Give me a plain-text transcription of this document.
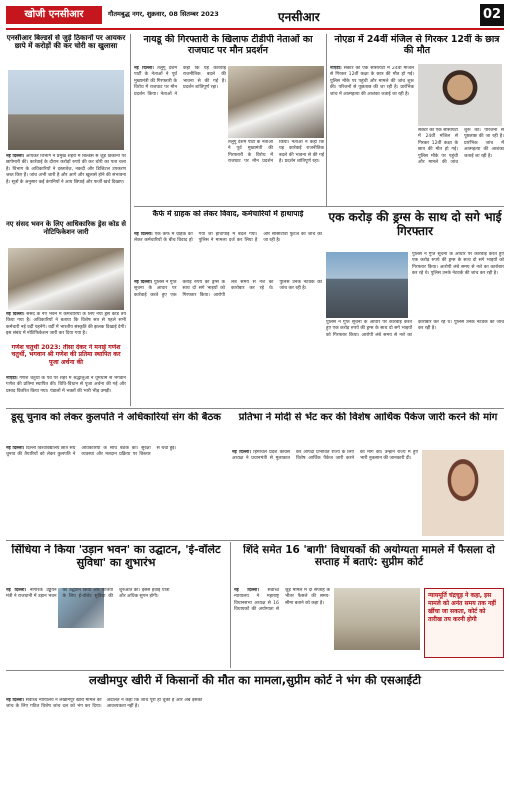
खोजी एनसीआर	गौतमबुद्ध नगर, शुक्रवार, 08 सितम्बर 2023	एनसीआर	02
एनसीआर बिल्डर्स से जुड़े ठिकानों पर आयकर छापे में करोड़ों की कर चोरी का खुलासा
नई दिल्ली। आयकर विभाग ने प्रमुख शहरों में बिल्डर्स से जुड़े ठिकानों पर छापेमारी की। कार्रवाई के दौरान करोड़ों रुपये की कर चोरी का पता चला है। विभाग के अधिकारियों ने दस्तावेज़, नकदी और डिजिटल उपकरण जब्त किए हैं। जांच अभी जारी है और आगे और खुलासे होने की संभावना है। सूत्रों के अनुसार कई कंपनियों ने आय छिपाई और फर्जी खर्च दिखाए।
नए संसद भवन के लिए आधिकारिक ड्रेस कोड से नोटिफिकेशन जारी
नई दिल्ली। संसद के नए भवन में कर्मचारियों के लिए नया ड्रेस कोड तय किया गया है। अधिकारियों ने बताया कि विशेष सत्र से पहले सभी कर्मचारी नई वर्दी पहनेंगे। वर्दी में भारतीय संस्कृति की झलक दिखाई देगी। इस संबंध में नोटिफिकेशन जारी कर दिया गया है।
गणेश चतुर्थी 2023: तीसा देकर ने मनाई गणेश चतुर्थी, भगवान श्री गणेश की प्रतिमा स्थापित कर पूजा अर्चना की
नोएडा। गणेश चतुर्थी के पर्व पर शहर में श्रद्धालुओं ने धूमधाम से भगवान गणेश की प्रतिमा स्थापित की। विधि-विधान से पूजा अर्चना की गई और प्रसाद वितरित किया गया। पंडालों में भक्तों की भारी भीड़ उमड़ी।
नायडू की गिरफ्तारी के खिलाफ टीडीपी नेताओं का राजघाट पर मौन प्रदर्शन
नई दिल्ली। तेलुगु देशम पार्टी के नेताओं ने पूर्व मुख्यमंत्री की गिरफ्तारी के विरोध में राजघाट पर मौन प्रदर्शन किया। नेताओं ने कहा कि यह कार्रवाई राजनीतिक बदले की भावना से की गई है। प्रदर्शन शांतिपूर्ण रहा।
तेलुगु देशम पार्टी के नेताओं ने पूर्व मुख्यमंत्री की गिरफ्तारी के विरोध में राजघाट पर मौन प्रदर्शन किया। नेताओं ने कहा कि यह कार्रवाई राजनीतिक बदले की भावना से की गई है। प्रदर्शन शांतिपूर्ण रहा।
नोएडा में 24वीं मंजिल से गिरकर 12वीं के छात्र की मौत
नोएडा। सेक्टर की एक सोसायटी में 24वीं मंजिल से गिरकर 12वीं कक्षा के छात्र की मौत हो गई। पुलिस मौके पर पहुंची और मामले की जांच शुरू की। परिजनों से पूछताछ की जा रही है। प्रारंभिक जांच में आत्महत्या की आशंका जताई जा रही है।
सेक्टर की एक सोसायटी में 24वीं मंजिल से गिरकर 12वीं कक्षा के छात्र की मौत हो गई। पुलिस मौके पर पहुंची और मामले की जांच शुरू की। परिजनों से पूछताछ की जा रही है। प्रारंभिक जांच में आत्महत्या की आशंका जताई जा रही है।
कैफे में ग्राहक को लेकर विवाद, कर्मचारियों में हाथापाई
नई दिल्ली। एक कैफे में ग्राहक को लेकर कर्मचारियों के बीच विवाद हो गया जो हाथापाई में बदल गया। पुलिस ने मामला दर्ज कर लिया है और सीसीटीवी फुटेज की जांच की जा रही है।
एक करोड़ की ड्रग्स के साथ दो सगे भाई गिरफ्तार
नई दिल्ली। पुलिस ने गुप्त सूचना के आधार पर कार्रवाई करते हुए एक करोड़ रुपये की ड्रग्स के साथ दो सगे भाइयों को गिरफ्तार किया। आरोपी लंबे समय से नशे का कारोबार कर रहे थे। पुलिस उनके नेटवर्क की जांच कर रही है।
पुलिस ने गुप्त सूचना के आधार पर कार्रवाई करते हुए एक करोड़ रुपये की ड्रग्स के साथ दो सगे भाइयों को गिरफ्तार किया। आरोपी लंबे समय से नशे का कारोबार कर रहे थे। पुलिस उनके नेटवर्क की जांच कर रही है।
पुलिस ने गुप्त सूचना के आधार पर कार्रवाई करते हुए एक करोड़ रुपये की ड्रग्स के साथ दो सगे भाइयों को गिरफ्तार किया। आरोपी लंबे समय से नशे का कारोबार कर रहे थे। पुलिस उनके नेटवर्क की जांच कर रही है।
डूसू चुनाव को लेकर कुलपति ने अधिकारियों संग की बैठक
नई दिल्ली। दिल्ली विश्वविद्यालय छात्र संघ चुनाव की तैयारियों को लेकर कुलपति ने अधिकारियों के साथ बैठक की। सुरक्षा व्यवस्था और मतदान प्रक्रिया पर विस्तार से चर्चा हुई।
प्रतिभा ने मोदी से भेंट कर की विशेष आर्थिक पैकेज जारी करने की मांग
नई दिल्ली। हिमाचल प्रदेश कांग्रेस अध्यक्ष ने प्रधानमंत्री से मुलाकात कर आपदा प्रभावित राज्य के लिए विशेष आर्थिक पैकेज जारी करने की मांग की। उन्होंने राज्य में हुए भारी नुकसान की जानकारी दी।
सिंधिया ने किया 'उड़ान भवन' का उद्घाटन, 'ई-वॉलेट सुविधा' का शुभारंभ
नई दिल्ली। नागरिक उड्डयन मंत्री ने राजधानी में उड़ान भवन का उद्घाटन किया और यात्रियों के लिए ई-वॉलेट सुविधा की शुरुआत की। इससे हवाई यात्रा और अधिक सुगम होगी।
शिंदे समेत 16 'बागी' विधायकों की अयोग्यता मामले में फैसला दो सप्ताह में बताएं: सुप्रीम कोर्ट
नई दिल्ली। सर्वोच्च न्यायालय ने महाराष्ट्र विधानसभा अध्यक्ष से 16 विधायकों की अयोग्यता से जुड़े मामले में दो सप्ताह के भीतर फैसले की समय-सीमा बताने को कहा है।
न्यायमूर्ति चंद्रचूड़ ने कहा, इस मामले को अनंत समय तक नहीं खींचा जा सकता, कोर्ट को तारीख तय करनी होगी
लखीमपुर खीरी में किसानों की मौत का मामला,सुप्रीम कोर्ट ने भंग की एसआईटी
नई दिल्ली। सर्वोच्च न्यायालय ने लखीमपुर खीरी मामले की जांच के लिए गठित विशेष जांच दल को भंग कर दिया। अदालत ने कहा कि जांच पूरी हो चुकी है और अब इसकी आवश्यकता नहीं है।
